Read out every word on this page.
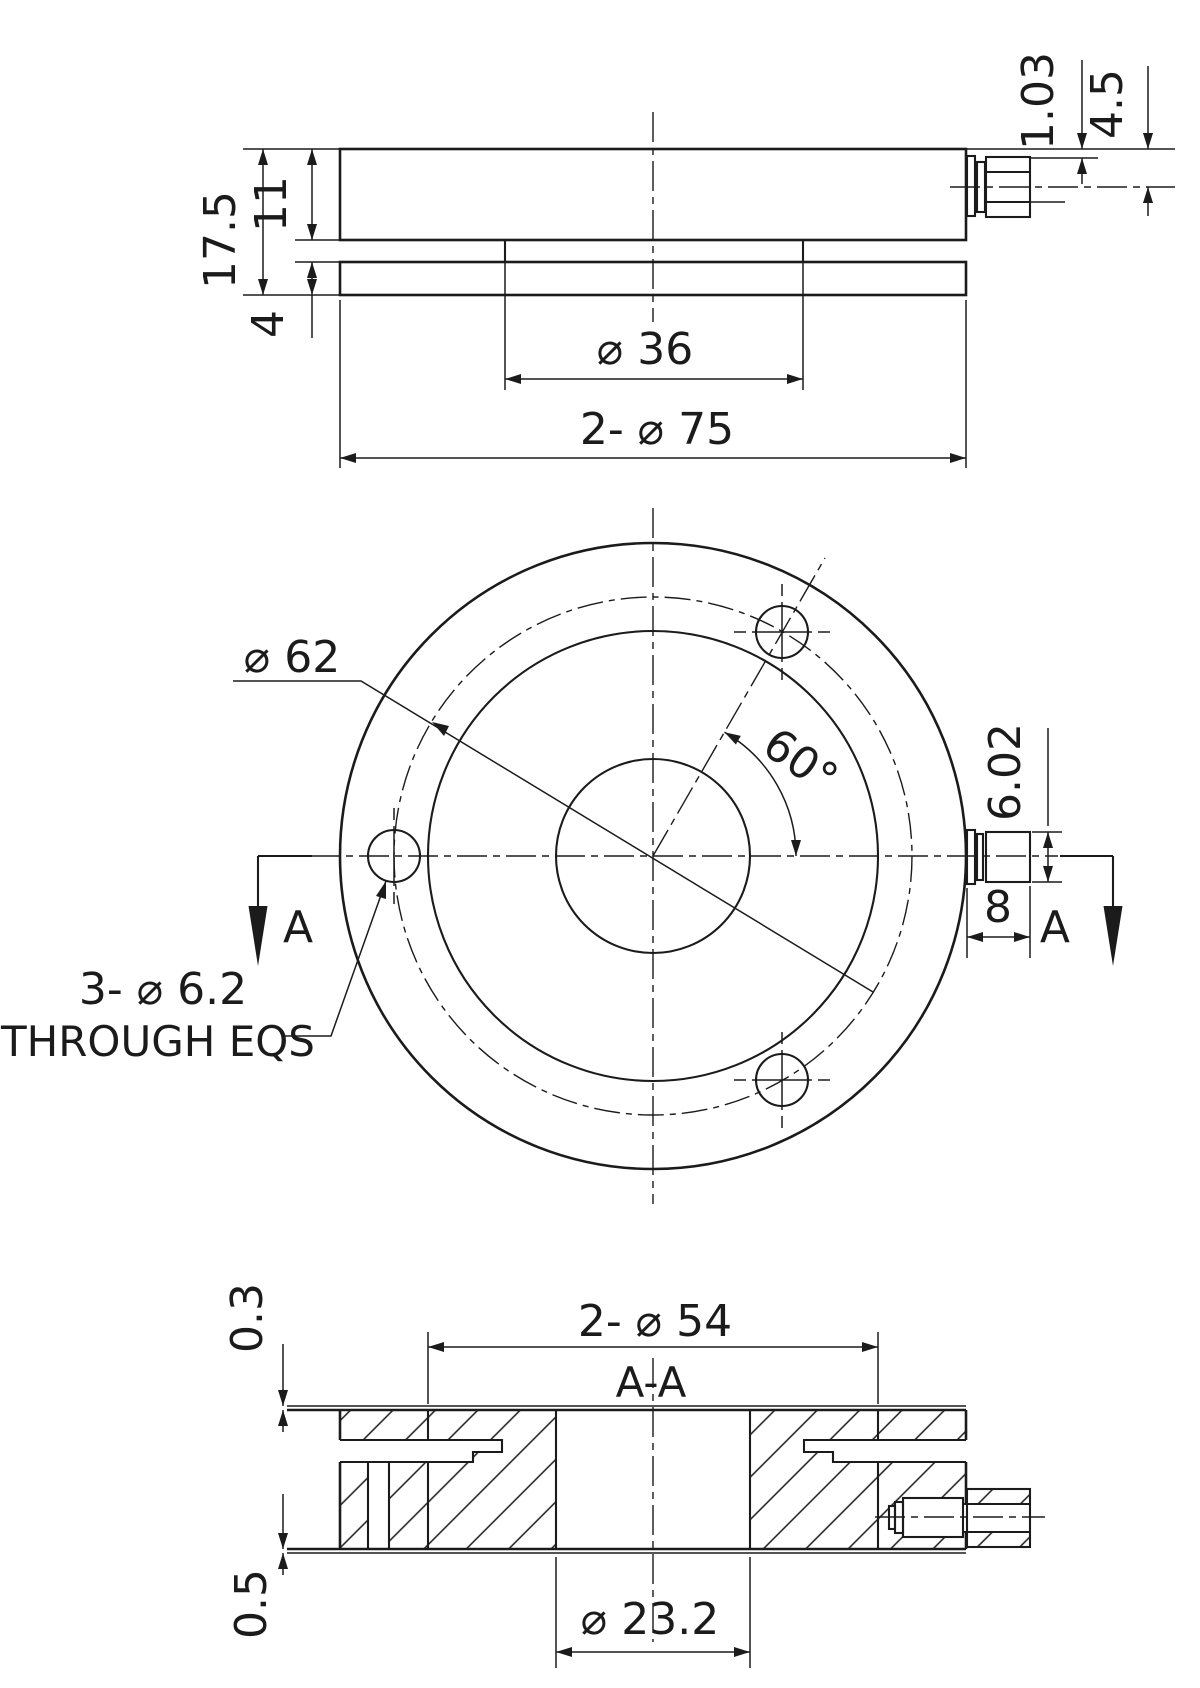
17.5 11
4
1.03 4.5
⌀ 36
2- ⌀ 75
⌀ 62
60°	6.02
8
A	A
3- ⌀ 6.2
THROUGH EQS
2- ⌀ 54
A-A
0.3
0.5	⌀ 23.2
